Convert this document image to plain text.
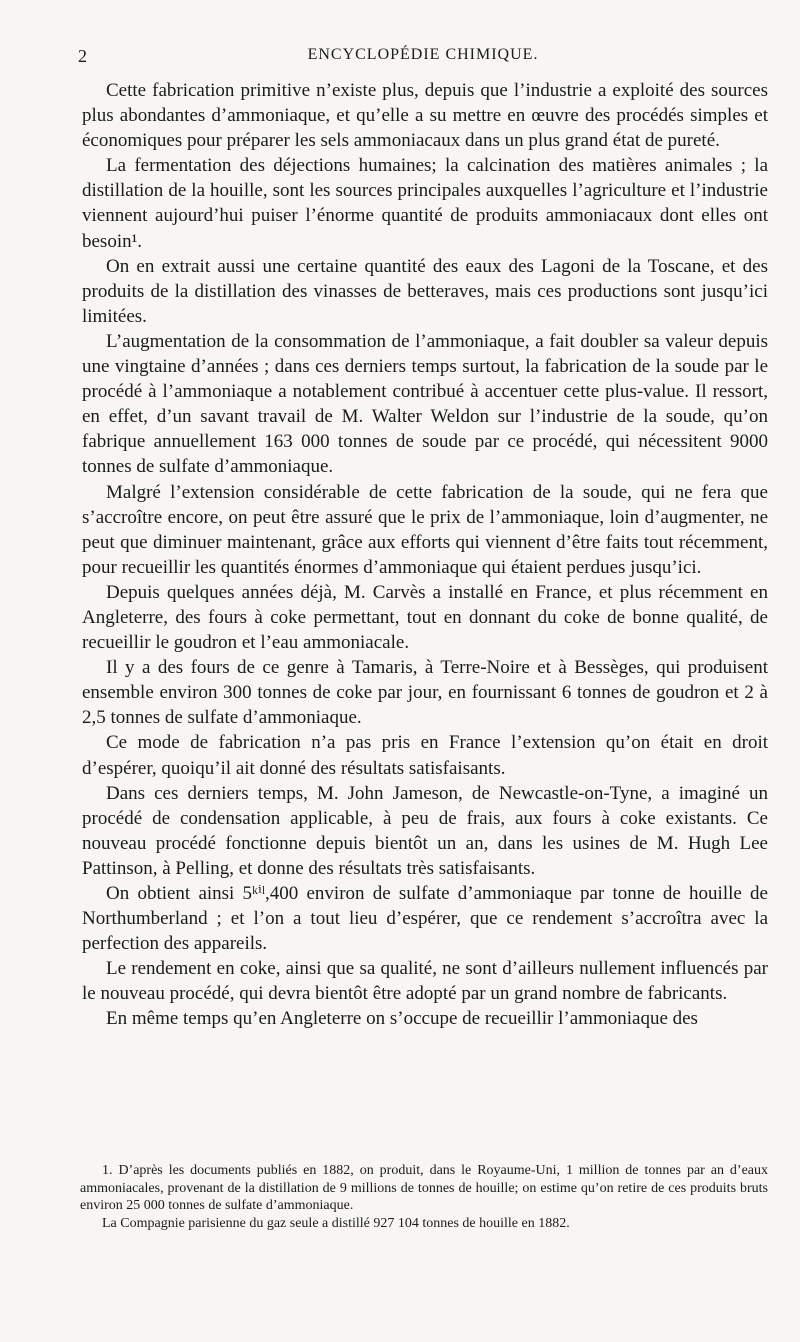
2	ENCYCLOPÉDIE CHIMIQUE.

Cette fabrication primitive n’existe plus, depuis que l’industrie a exploité des sources plus abondantes d’ammoniaque, et qu’elle a su mettre en œuvre des procédés simples et économiques pour préparer les sels ammoniacaux dans un plus grand état de pureté.

La fermentation des déjections humaines; la calcination des matières animales ; la distillation de la houille, sont les sources principales auxquelles l’agriculture et l’industrie viennent aujourd’hui puiser l’énorme quantité de produits ammoniacaux dont elles ont besoin¹.

On en extrait aussi une certaine quantité des eaux des Lagoni de la Toscane, et des produits de la distillation des vinasses de betteraves, mais ces productions sont jusqu’ici limitées.

L’augmentation de la consommation de l’ammoniaque, a fait doubler sa valeur depuis une vingtaine d’années ; dans ces derniers temps surtout, la fabrication de la soude par le procédé à l’ammoniaque a notablement contribué à accentuer cette plus-value. Il ressort, en effet, d’un savant travail de M. Walter Weldon sur l’industrie de la soude, qu’on fabrique annuellement 163 000 tonnes de soude par ce procédé, qui nécessitent 9000 tonnes de sulfate d’ammoniaque.

Malgré l’extension considérable de cette fabrication de la soude, qui ne fera que s’accroître encore, on peut être assuré que le prix de l’ammoniaque, loin d’augmenter, ne peut que diminuer maintenant, grâce aux efforts qui viennent d’être faits tout récemment, pour recueillir les quantités énormes d’ammoniaque qui étaient perdues jusqu’ici.

Depuis quelques années déjà, M. Carvès a installé en France, et plus récemment en Angleterre, des fours à coke permettant, tout en donnant du coke de bonne qualité, de recueillir le goudron et l’eau ammoniacale.

Il y a des fours de ce genre à Tamaris, à Terre-Noire et à Bessèges, qui produisent ensemble environ 300 tonnes de coke par jour, en fournissant 6 tonnes de goudron et 2 à 2,5 tonnes de sulfate d’ammoniaque.

Ce mode de fabrication n’a pas pris en France l’extension qu’on était en droit d’espérer, quoiqu’il ait donné des résultats satisfaisants.

Dans ces derniers temps, M. John Jameson, de Newcastle-on-Tyne, a imaginé un procédé de condensation applicable, à peu de frais, aux fours à coke existants. Ce nouveau procédé fonctionne depuis bientôt un an, dans les usines de M. Hugh Lee Pattinson, à Pelling, et donne des résultats très satisfaisants.

On obtient ainsi 5ᵏⁱˡ,400 environ de sulfate d’ammoniaque par tonne de houille de Northumberland ; et l’on a tout lieu d’espérer, que ce rendement s’accroîtra avec la perfection des appareils.

Le rendement en coke, ainsi que sa qualité, ne sont d’ailleurs nullement influencés par le nouveau procédé, qui devra bientôt être adopté par un grand nombre de fabricants.

En même temps qu’en Angleterre on s’occupe de recueillir l’ammoniaque des

1. D’après les documents publiés en 1882, on produit, dans le Royaume-Uni, 1 million de tonnes par an d’eaux ammoniacales, provenant de la distillation de 9 millions de tonnes de houille; on estime qu’on retire de ces produits bruts environ 25 000 tonnes de sulfate d’ammoniaque.

La Compagnie parisienne du gaz seule a distillé 927 104 tonnes de houille en 1882.
